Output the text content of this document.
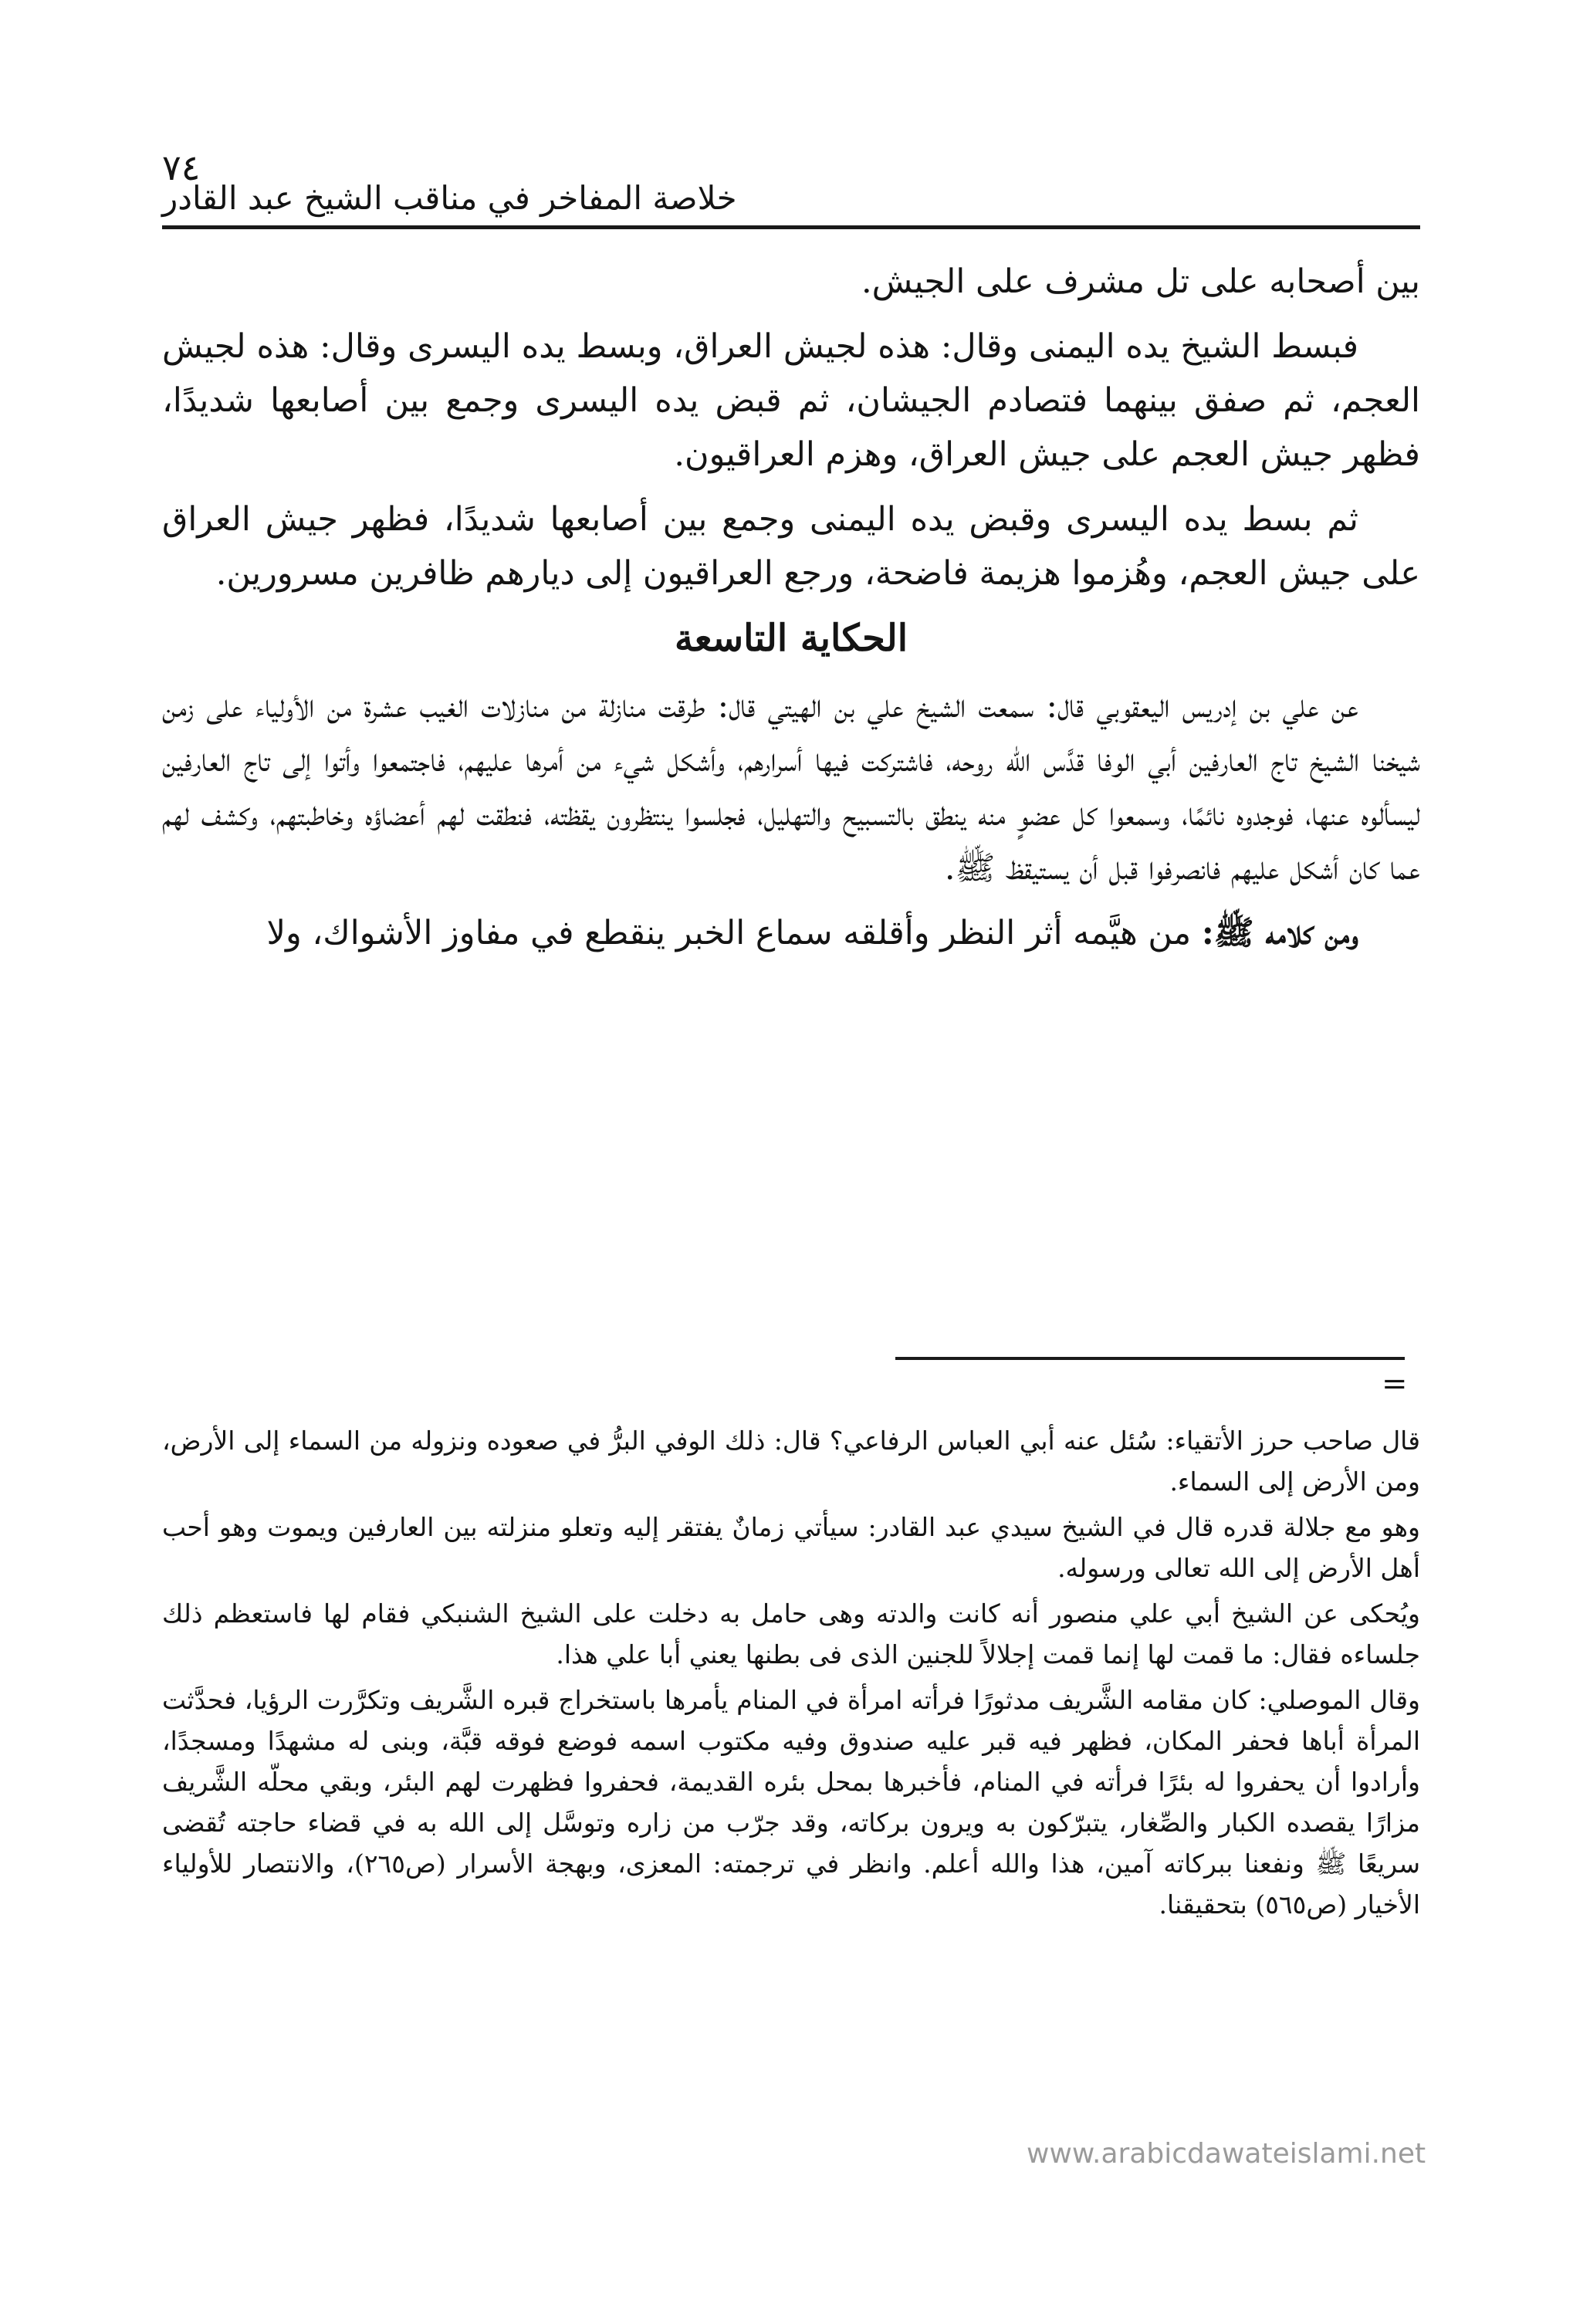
٧٤
خلاصة المفاخر في مناقب الشيخ عبد القادر

بين أصحابه على تل مشرف على الجيش.

فبسط الشيخ يده اليمنى وقال: هذه لجيش العراق، وبسط يده اليسرى وقال: هذه لجيش العجم، ثم صفق بينهما فتصادم الجيشان، ثم قبض يده اليسرى وجمع بين أصابعها شديدًا، فظهر جيش العجم على جيش العراق، وهزم العراقيون.

ثم بسط يده اليسرى وقبض يده اليمنى وجمع بين أصابعها شديدًا، فظهر جيش العراق على جيش العجم، وهُزموا هزيمة فاضحة، ورجع العراقيون إلى ديارهم ظافرين مسرورين.

الحكاية التاسعة

عن علي بن إدريس اليعقوبي قال: سمعت الشيخ علي بن الهيتي قال: طرقت منازلة من منازلات الغيب عشرة من الأولياء على زمن شيخنا الشيخ تاج العارفين أبي الوفا قدَّس الله روحه، فاشتركت فيها أسرارهم، وأشكل شيء من أمرها عليهم، فاجتمعوا وأتوا إلى تاج العارفين ليسألوه عنها، فوجدوه نائمًا، وسمعوا كل عضوٍ منه ينطق بالتسبيح والتهليل، فجلسوا ينتظرون يقظته، فنطقت لهم أعضاؤه وخاطبتهم، وكشف لهم عما كان أشكل عليهم فانصرفوا قبل أن يستيقظ ﷺ.

ومن كلامه ﷺ: من هيَّمه أثر النظر وأقلقه سماع الخبر ينقطع في مفاوز الأشواك، ولا

=

قال صاحب حرز الأتقياء: سُئل عنه أبي العباس الرفاعي؟ قال: ذلك الوفي البرُّ في صعوده ونزوله من السماء إلى الأرض، ومن الأرض إلى السماء.

وهو مع جلالة قدره قال في الشيخ سيدي عبد القادر: سيأتي زمانٌ يفتقر إليه وتعلو منزلته بين العارفين ويموت وهو أحب أهل الأرض إلى الله تعالى ورسوله.

ويُحكى عن الشيخ أبي علي منصور أنه كانت والدته وهى حامل به دخلت على الشيخ الشنبكي فقام لها فاستعظم ذلك جلساءه فقال: ما قمت لها إنما قمت إجلالاً للجنين الذى فى بطنها يعني أبا علي هذا.

وقال الموصلي: كان مقامه الشَّريف مدثورًا فرأته امرأة في المنام يأمرها باستخراج قبره الشَّريف وتكرَّرت الرؤيا، فحدَّثت المرأة أباها فحفر المكان، فظهر فيه قبر عليه صندوق وفيه مكتوب اسمه فوضع فوقه قبَّة، وبنى له مشهدًا ومسجدًا، وأرادوا أن يحفروا له بئرًا فرأته في المنام، فأخبرها بمحل بئره القديمة، فحفروا فظهرت لهم البئر، وبقي محلّه الشَّريف مزارًا يقصده الكبار والصِّغار، يتبرّكون به ويرون بركاته، وقد جرّب من زاره وتوسَّل إلى الله به في قضاء حاجته تُقضى سريعًا ﷺ ونفعنا ببركاته آمين، هذا والله أعلم. وانظر في ترجمته: المعزى، وبهجة الأسرار (ص٢٦٥)، والانتصار للأولياء الأخيار (ص٥٦٥) بتحقيقنا.

www.arabicdawateislami.net
